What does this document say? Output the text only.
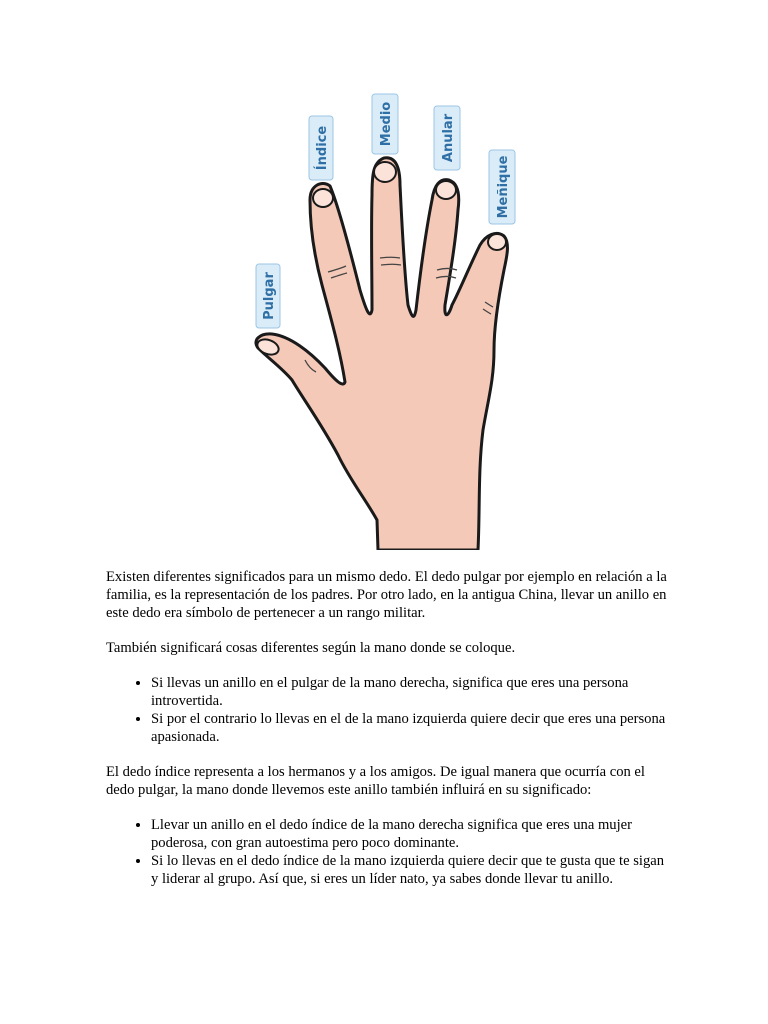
Pulgar
Índice
Medio	Anular
Meñique

Existen diferentes significados para un mismo dedo. El dedo pulgar por ejemplo en relación a la familia, es la representación de los padres. Por otro lado, en la antigua China, llevar un anillo en este dedo era símbolo de pertenecer a un rango militar.

También significará cosas diferentes según la mano donde se coloque.

• Si llevas un anillo en el pulgar de la mano derecha, significa que eres una persona introvertida.
• Si por el contrario lo llevas en el de la mano izquierda quiere decir que eres una persona apasionada.

El dedo índice representa a los hermanos y a los amigos. De igual manera que ocurría con el dedo pulgar, la mano donde llevemos este anillo también influirá en su significado:

• Llevar un anillo en el dedo índice de la mano derecha significa que eres una mujer poderosa, con gran autoestima pero poco dominante.
• Si lo llevas en el dedo índice de la mano izquierda quiere decir que te gusta que te sigan y liderar al grupo. Así que, si eres un líder nato, ya sabes donde llevar tu anillo.
